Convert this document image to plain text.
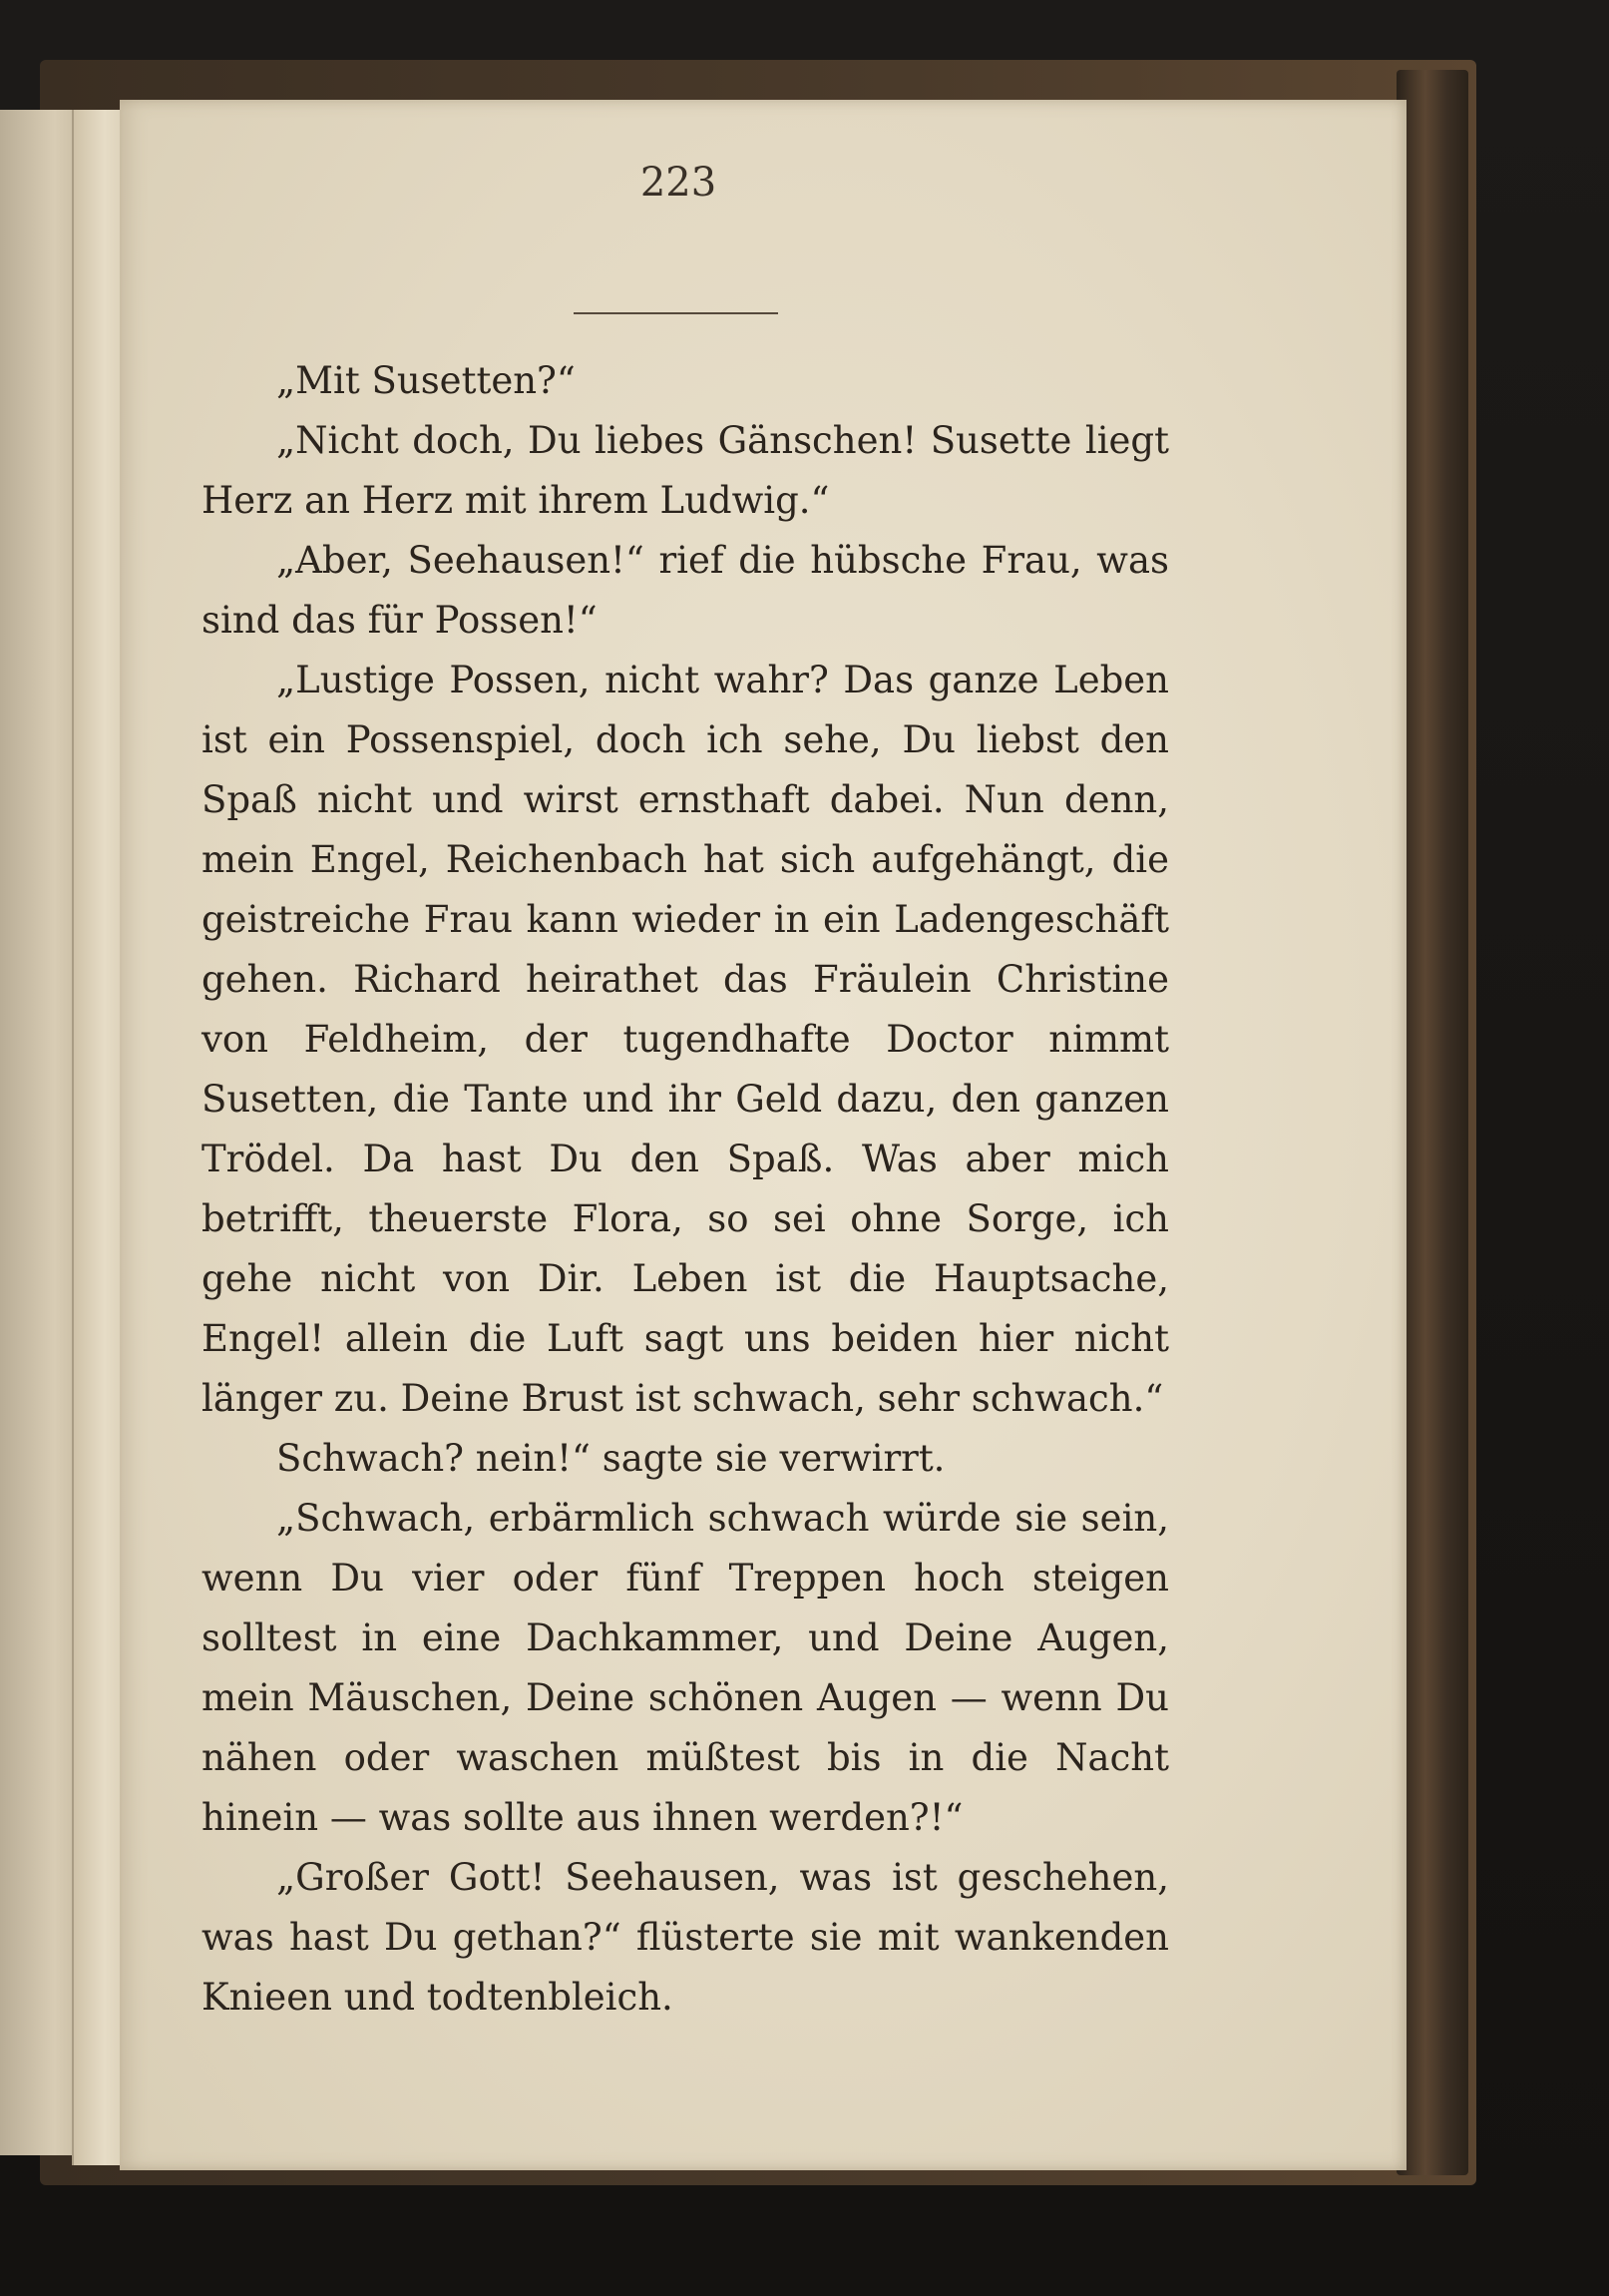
223

„Mit Susetten?“

„Nicht doch, Du liebes Gänschen! Susette liegt Herz an Herz mit ihrem Ludwig.“

„Aber, Seehausen!“ rief die hübsche Frau, was sind das für Possen!“

„Lustige Possen, nicht wahr? Das ganze Leben ist ein Possenspiel, doch ich sehe, Du liebst den Spaß nicht und wirst ernsthaft dabei. Nun denn, mein Engel, Reichenbach hat sich aufgehängt, die geistreiche Frau kann wieder in ein Ladengeschäft gehen. Richard heirathet das Fräulein Christine von Feldheim, der tugendhafte Doctor nimmt Susetten, die Tante und ihr Geld dazu, den ganzen Trödel. Da hast Du den Spaß. Was aber mich betrifft, theuerste Flora, so sei ohne Sorge, ich gehe nicht von Dir. Leben ist die Hauptsache, Engel! allein die Luft sagt uns beiden hier nicht länger zu. Deine Brust ist schwach, sehr schwach.“

Schwach? nein!“ sagte sie verwirrt.

„Schwach, erbärmlich schwach würde sie sein, wenn Du vier oder fünf Treppen hoch steigen solltest in eine Dachkammer, und Deine Augen, mein Mäuschen, Deine schönen Augen — wenn Du nähen oder waschen müßtest bis in die Nacht hinein — was sollte aus ihnen werden?!“

„Großer Gott! Seehausen, was ist geschehen, was hast Du gethan?“ flüsterte sie mit wankenden Knieen und todtenbleich.
